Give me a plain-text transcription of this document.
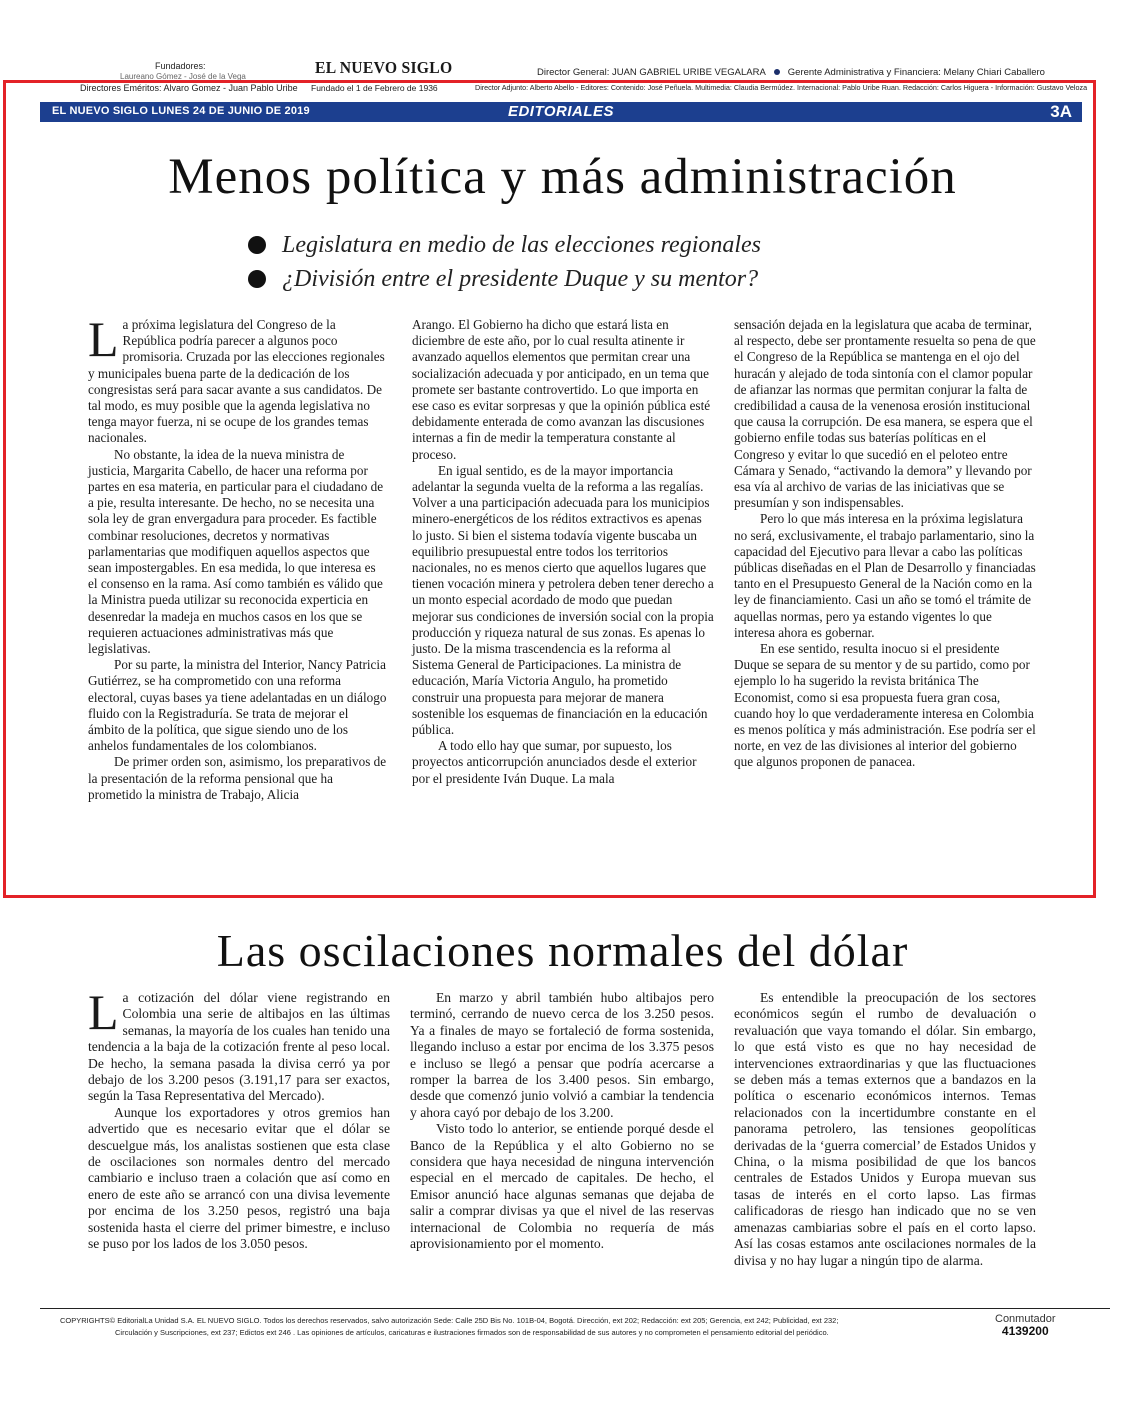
Fundadores:
Laureano Gómez - José de la Vega
Directores Eméritos: Alvaro Gomez - Juan Pablo Uribe
EL NUEVO SIGLO
Fundado el 1 de Febrero de 1936
Director General: JUAN GABRIEL URIBE VEGALARA Gerente Administrativa y Financiera: Melany Chiari Caballero
Director Adjunto: Alberto Abello - Editores: Contenido: José Peñuela. Multimedia: Claudia Bermúdez. Internacional: Pablo Uribe Ruan. Redacción: Carlos Higuera - Información: Gustavo Veloza
EL NUEVO SIGLO LUNES 24 DE JUNIO DE 2019	EDITORIALES	3A
Menos política y más administración
Legislatura en medio de las elecciones regionales
¿División entre el presidente Duque y su mentor?

La próxima legislatura del Congreso de la República podría parecer a algunos poco promisoria. Cruzada por las elecciones regionales y municipales buena parte de la dedicación de los congresistas será para sacar avante a sus candidatos. De tal modo, es muy posible que la agenda legislativa no tenga mayor fuerza, ni se ocupe de los grandes temas nacionales.

No obstante, la idea de la nueva ministra de justicia, Margarita Cabello, de hacer una reforma por partes en esa materia, en particular para el ciudadano de a pie, resulta interesante. De hecho, no se necesita una sola ley de gran envergadura para proceder. Es factible combinar resoluciones, decretos y normativas parlamentarias que modifiquen aquellos aspectos que sean impostergables. En esa medida, lo que interesa es el consenso en la rama. Así como también es válido que la Ministra pueda utilizar su reconocida experticia en desenredar la madeja en muchos casos en los que se requieren actuaciones administrativas más que legislativas.

Por su parte, la ministra del Interior, Nancy Patricia Gutiérrez, se ha comprometido con una reforma electoral, cuyas bases ya tiene adelantadas en un diálogo fluido con la Registraduría. Se trata de mejorar el ámbito de la política, que sigue siendo uno de los anhelos fundamentales de los colombianos.

De primer orden son, asimismo, los preparativos de la presentación de la reforma pensional que ha prometido la ministra de Trabajo, Alicia

Arango. El Gobierno ha dicho que estará lista en diciembre de este año, por lo cual resulta atinente ir avanzado aquellos elementos que permitan crear una socialización adecuada y por anticipado, en un tema que promete ser bastante controvertido. Lo que importa en ese caso es evitar sorpresas y que la opinión pública esté debidamente enterada de como avanzan las discusiones internas a fin de medir la temperatura constante al proceso.

En igual sentido, es de la mayor importancia adelantar la segunda vuelta de la reforma a las regalías. Volver a una participación adecuada para los municipios minero-energéticos de los réditos extractivos es apenas lo justo. Si bien el sistema todavía vigente buscaba un equilibrio presupuestal entre todos los territorios nacionales, no es menos cierto que aquellos lugares que tienen vocación minera y petrolera deben tener derecho a un monto especial acordado de modo que puedan mejorar sus condiciones de inversión social con la propia producción y riqueza natural de sus zonas. Es apenas lo justo. De la misma trascendencia es la reforma al Sistema General de Participaciones. La ministra de educación, María Victoria Angulo, ha prometido construir una propuesta para mejorar de manera sostenible los esquemas de financiación en la educación pública.

A todo ello hay que sumar, por supuesto, los proyectos anticorrupción anunciados desde el exterior por el presidente Iván Duque. La mala

sensación dejada en la legislatura que acaba de terminar, al respecto, debe ser prontamente resuelta so pena de que el Congreso de la República se mantenga en el ojo del huracán y alejado de toda sintonía con el clamor popular de afianzar las normas que permitan conjurar la falta de credibilidad a causa de la venenosa erosión institucional que causa la corrupción. De esa manera, se espera que el gobierno enfile todas sus baterías políticas en el Congreso y evitar lo que sucedió en el peloteo entre Cámara y Senado, “activando la demora” y llevando por esa vía al archivo de varias de las iniciativas que se presumían y son indispensables.

Pero lo que más interesa en la próxima legislatura no será, exclusivamente, el trabajo parlamentario, sino la capacidad del Ejecutivo para llevar a cabo las políticas públicas diseñadas en el Plan de Desarrollo y financiadas tanto en el Presupuesto General de la Nación como en la ley de financiamiento. Casi un año se tomó el trámite de aquellas normas, pero ya estando vigentes lo que interesa ahora es gobernar.

En ese sentido, resulta inocuo si el presidente Duque se separa de su mentor y de su partido, como por ejemplo lo ha sugerido la revista británica The Economist, como si esa propuesta fuera gran cosa, cuando hoy lo que verdaderamente interesa en Colombia es menos política y más administración. Ese podría ser el norte, en vez de las divisiones al interior del gobierno que algunos proponen de panacea.

Las oscilaciones normales del dólar

La cotización del dólar viene registrando en Colombia una serie de altibajos en las últimas semanas, la mayoría de los cuales han tenido una tendencia a la baja de la cotización frente al peso local. De hecho, la semana pasada la divisa cerró ya por debajo de los 3.200 pesos (3.191,17 para ser exactos, según la Tasa Representativa del Mercado).

Aunque los exportadores y otros gremios han advertido que es necesario evitar que el dólar se descuelgue más, los analistas sostienen que esta clase de oscilaciones son normales dentro del mercado cambiario e incluso traen a colación que así como en enero de este año se arrancó con una divisa levemente por encima de los 3.250 pesos, registró una baja sostenida hasta el cierre del primer bimestre, e incluso se puso por los lados de los 3.050 pesos.

En marzo y abril también hubo altibajos pero terminó, cerrando de nuevo cerca de los 3.250 pesos. Ya a finales de mayo se fortaleció de forma sostenida, llegando incluso a estar por encima de los 3.375 pesos e incluso se llegó a pensar que podría acercarse a romper la barrea de los 3.400 pesos. Sin embargo, desde que comenzó junio volvió a cambiar la tendencia y ahora cayó por debajo de los 3.200.

Visto todo lo anterior, se entiende porqué desde el Banco de la República y el alto Gobierno no se considera que haya necesidad de ninguna intervención especial en el mercado de capitales. De hecho, el Emisor anunció hace algunas semanas que dejaba de salir a comprar divisas ya que el nivel de las reservas internacional de Colombia no requería de más aprovisionamiento por el momento.

Es entendible la preocupación de los sectores económicos según el rumbo de devaluación o revaluación que vaya tomando el dólar. Sin embargo, lo que está visto es que no hay necesidad de intervenciones extraordinarias y que las fluctuaciones se deben más a temas externos que a bandazos en la política o escenario económicos internos. Temas relacionados con la incertidumbre constante en el panorama petrolero, las tensiones geopolíticas derivadas de la ‘guerra comercial’ de Estados Unidos y China, o la misma posibilidad de que los bancos centrales de Estados Unidos y Europa muevan sus tasas de interés en el corto lapso. Las firmas calificadoras de riesgo han indicado que no se ven amenazas cambiarias sobre el país en el corto lapso. Así las cosas estamos ante oscilaciones normales de la divisa y no hay lugar a ningún tipo de alarma.

COPYRIGHTS© EditorialLa Unidad S.A. EL NUEVO SIGLO. Todos los derechos reservados, salvo autorización Sede: Calle 25D Bis No. 101B-04, Bogotá. Dirección, ext 202; Redacción: ext 205; Gerencia, ext 242; Publicidad, ext 232;
Circulación y Suscripciones, ext 237; Edictos ext 246 . Las opiniones de artículos, caricaturas e ilustraciones firmados son de responsabilidad de sus autores y no comprometen el pensamiento editorial del periódico.
Conmutador
4139200
